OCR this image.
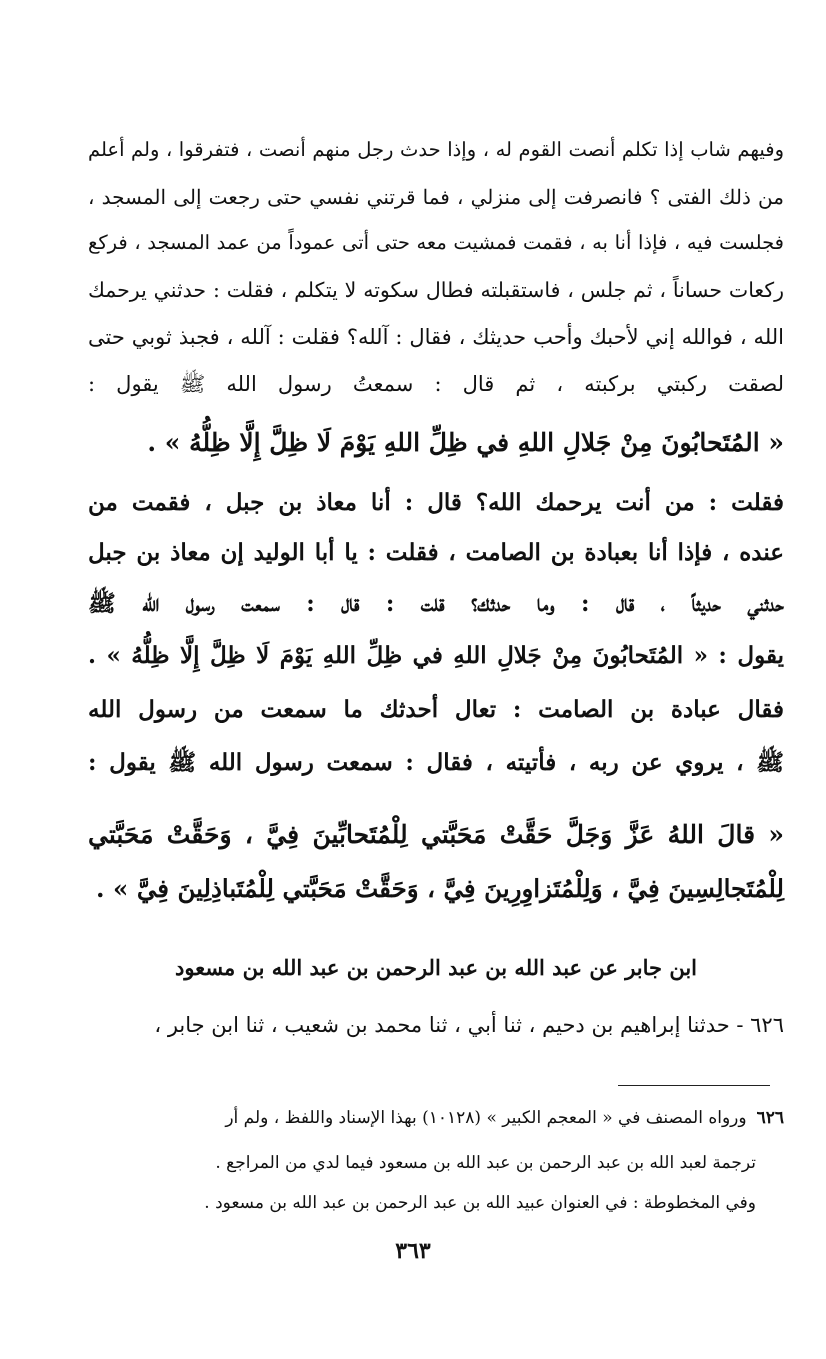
وفيهم شاب إذا تكلم أنصت القوم له ، وإذا حدث رجل منهم أنصت ، فتفرقوا ، ولم أعلم
من ذلك الفتى ؟ فانصرفت إلى منزلي ، فما قرتني نفسي حتى رجعت إلى المسجد ،
فجلست فيه ، فإذا أنا به ، فقمت فمشيت معه حتى أتى عموداً من عمد المسجد ، فركع
ركعات حساناً ، ثم جلس ، فاستقبلته فطال سكوته لا يتكلم ، فقلت : حدثني يرحمك
الله ، فوالله إني لأحبك وأحب حديثك ، فقال : آلله؟ فقلت : آلله ، فجبذ ثوبي حتى
لصقت ركبتي بركبته ، ثم قال : سمعتُ رسول الله ﷺ يقول :
« المُتَحابُونَ مِنْ جَلالِ اللهِ في ظِلِّ اللهِ يَوْمَ لَا ظِلَّ إِلَّا ظِلُّهُ » .
فقلت : من أنت يرحمك الله؟ قال : أنا معاذ بن جبل ، فقمت من
عنده ، فإذا أنا بعبادة بن الصامت ، فقلت : يا أبا الوليد إن معاذ بن جبل
حدثني حديثاً ، قال : وما حدثك؟ قلت : قال : سمعت رسول الله ﷺ
يقول : « المُتَحابُونَ مِنْ جَلالِ اللهِ في ظِلِّ اللهِ يَوْمَ لَا ظِلَّ إِلَّا ظِلُّهُ » .
فقال عبادة بن الصامت : تعال أحدثك ما سمعت من رسول الله
ﷺ ، يروي عن ربه ، فأتيته ، فقال : سمعت رسول الله ﷺ يقول :
« قالَ اللهُ عَزَّ وَجَلَّ حَقَّتْ مَحَبَّتي لِلْمُتَحابِّينَ فِيَّ ، وَحَقَّتْ مَحَبَّتي
لِلْمُتَجالِسِينَ فِيَّ ، وَلِلْمُتَزاوِرِينَ فِيَّ ، وَحَقَّتْ مَحَبَّتي لِلْمُتَباذِلِينَ فِيَّ » .
ابن جابر عن عبد الله بن عبد الرحمن بن عبد الله بن مسعود
٦٢٦ - حدثنا إبراهيم بن دحيم ، ثنا أبي ، ثنا محمد بن شعيب ، ثنا ابن جابر ،
٦٢٦ورواه المصنف في « المعجم الكبير » (١٠١٢٨) بهذا الإسناد واللفظ ، ولم أر
ترجمة لعبد الله بن عبد الرحمن بن عبد الله بن مسعود فيما لدي من المراجع .
وفي المخطوطة : في العنوان عبيد الله بن عبد الرحمن بن عبد الله بن مسعود .
٣٦٣
